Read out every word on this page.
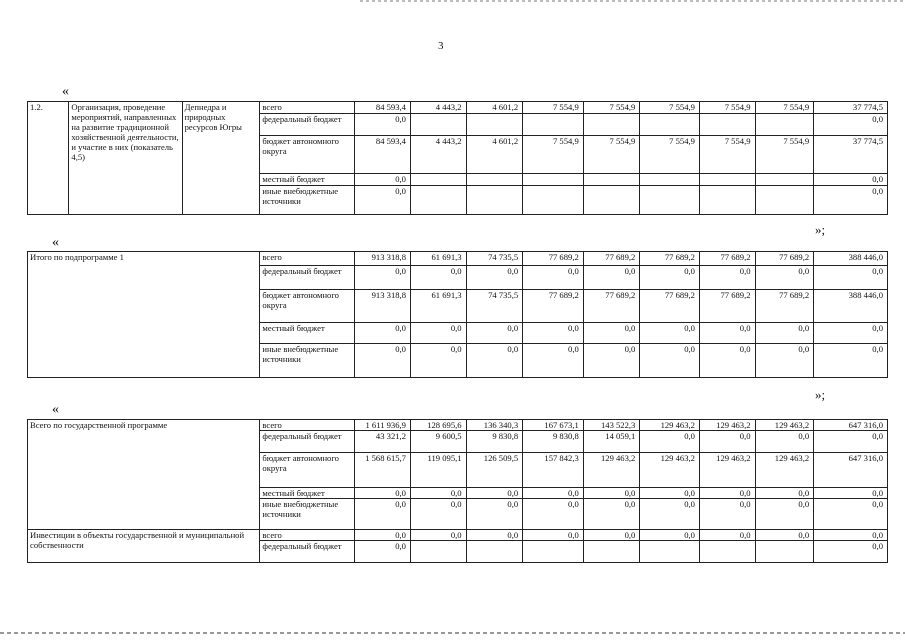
3
«
1.2.	Организация, проведение мероприятий, направленных на развитие традиционной хозяйственной деятельности, и участие в них (показатель 4,5)	Депнедра и природных ресурсов Югры	всего	84 593,4	4 443,2	4 601,2	7 554,9	7 554,9	7 554,9	7 554,9	7 554,9	37 774,5
			федеральный бюджет	0,0								0,0
			бюджет автономного округа	84 593,4	4 443,2	4 601,2	7 554,9	7 554,9	7 554,9	7 554,9	7 554,9	37 774,5
			местный бюджет	0,0								0,0
			иные внебюджетные источники	0,0								0,0
»;
«
Итого по подпрограмме 1	всего	913 318,8	61 691,3	74 735,5	77 689,2	77 689,2	77 689,2	77 689,2	77 689,2	388 446,0
	федеральный бюджет	0,0	0,0	0,0	0,0	0,0	0,0	0,0	0,0	0,0
	бюджет автономного округа	913 318,8	61 691,3	74 735,5	77 689,2	77 689,2	77 689,2	77 689,2	77 689,2	388 446,0
	местный бюджет	0,0	0,0	0,0	0,0	0,0	0,0	0,0	0,0	0,0
	иные внебюджетные источники	0,0	0,0	0,0	0,0	0,0	0,0	0,0	0,0	0,0
»;
«
Всего по государственной программе	всего	1 611 936,9	128 695,6	136 340,3	167 673,1	143 522,3	129 463,2	129 463,2	129 463,2	647 316,0
	федеральный бюджет	43 321,2	9 600,5	9 830,8	9 830,8	14 059,1	0,0	0,0	0,0	0,0
	бюджет автономного округа	1 568 615,7	119 095,1	126 509,5	157 842,3	129 463,2	129 463,2	129 463,2	129 463,2	647 316,0
	местный бюджет	0,0	0,0	0,0	0,0	0,0	0,0	0,0	0,0	0,0
	иные внебюджетные источники	0,0	0,0	0,0	0,0	0,0	0,0	0,0	0,0	0,0
Инвестиции в объекты государственной и муниципальной собственности	всего	0,0	0,0	0,0	0,0	0,0	0,0	0,0	0,0	0,0
	федеральный бюджет	0,0								0,0
